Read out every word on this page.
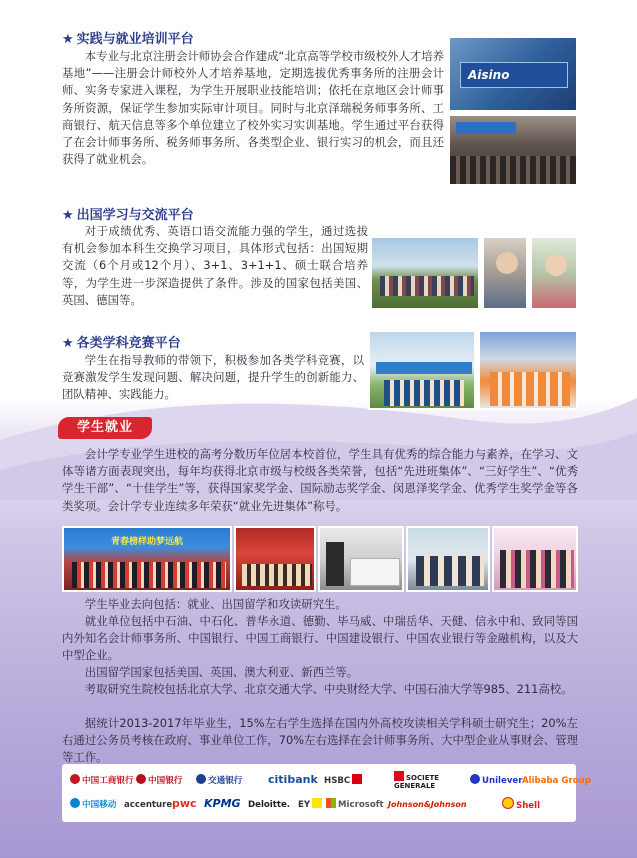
★ 实践与就业培训平台
本专业与北京注册会计师协会合作建成“北京高等学校市级校外人才培养基地”——注册会计师校外人才培养基地，定期选拔优秀事务所的注册会计师、实务专家进入课程，为学生开展职业技能培训；依托在京地区会计师事务所资源，保证学生参加实际审计项目。同时与北京泽瑞税务师事务所、工商银行、航天信息等多个单位建立了校外实习实训基地。学生通过平台获得了在会计师事务所、税务师事务所、各类型企业、银行实习的机会，而且还获得了就业机会。
Aisino
★ 出国学习与交流平台
对于成绩优秀、英语口语交流能力强的学生，通过选拔有机会参加本科生交换学习项目，具体形式包括：出国短期交流（6个月或12个月）、3+1、3+1+1、硕士联合培养等，为学生进一步深造提供了条件。涉及的国家包括美国、英国、德国等。
★ 各类学科竞赛平台
学生在指导教师的带领下，积极参加各类学科竞赛，以竞赛激发学生发现问题、解决问题，提升学生的创新能力、团队精神、实践能力。
学生就业
会计学专业学生进校的高考分数历年位居本校首位，学生具有优秀的综合能力与素养，在学习、文体等诸方面表现突出，每年均获得北京市级与校级各类荣誉，包括“先进班集体”、“三好学生”、“优秀学生干部”、“十佳学生”等，获得国家奖学金、国际励志奖学金、闵恩泽奖学金、优秀学生奖学金等各类奖项。会计学专业连续多年荣获“就业先进集体”称号。
青春榜样助梦远航
学生毕业去向包括：就业、出国留学和攻读研究生。
就业单位包括中石油、中石化、普华永道、德勤、毕马威、中瑞岳华、天健、信永中和、致同等国内外知名会计师事务所、中国银行、中国工商银行、中国建设银行、中国农业银行等金融机构，以及大中型企业。
出国留学国家包括美国、英国、澳大利亚、新西兰等。
考取研究生院校包括北京大学、北京交通大学、中央财经大学、中国石油大学等985、211高校。
据统计2013-2017年毕业生，15%左右学生选择在国内外高校攻读相关学科硕士研究生；20%左右通过公务员考核在政府、事业单位工作，70%左右选择在会计师事务所、大中型企业从事财会、管理等工作。
中国工商银行	中国银行	交通银行 citibank HSBC	SOCIETE GENERALE	Unilever Alibaba Group
中国移动 accenture pwc KPMG Deloitte. EY	Microsoft Johnson&Johnson	Shell
